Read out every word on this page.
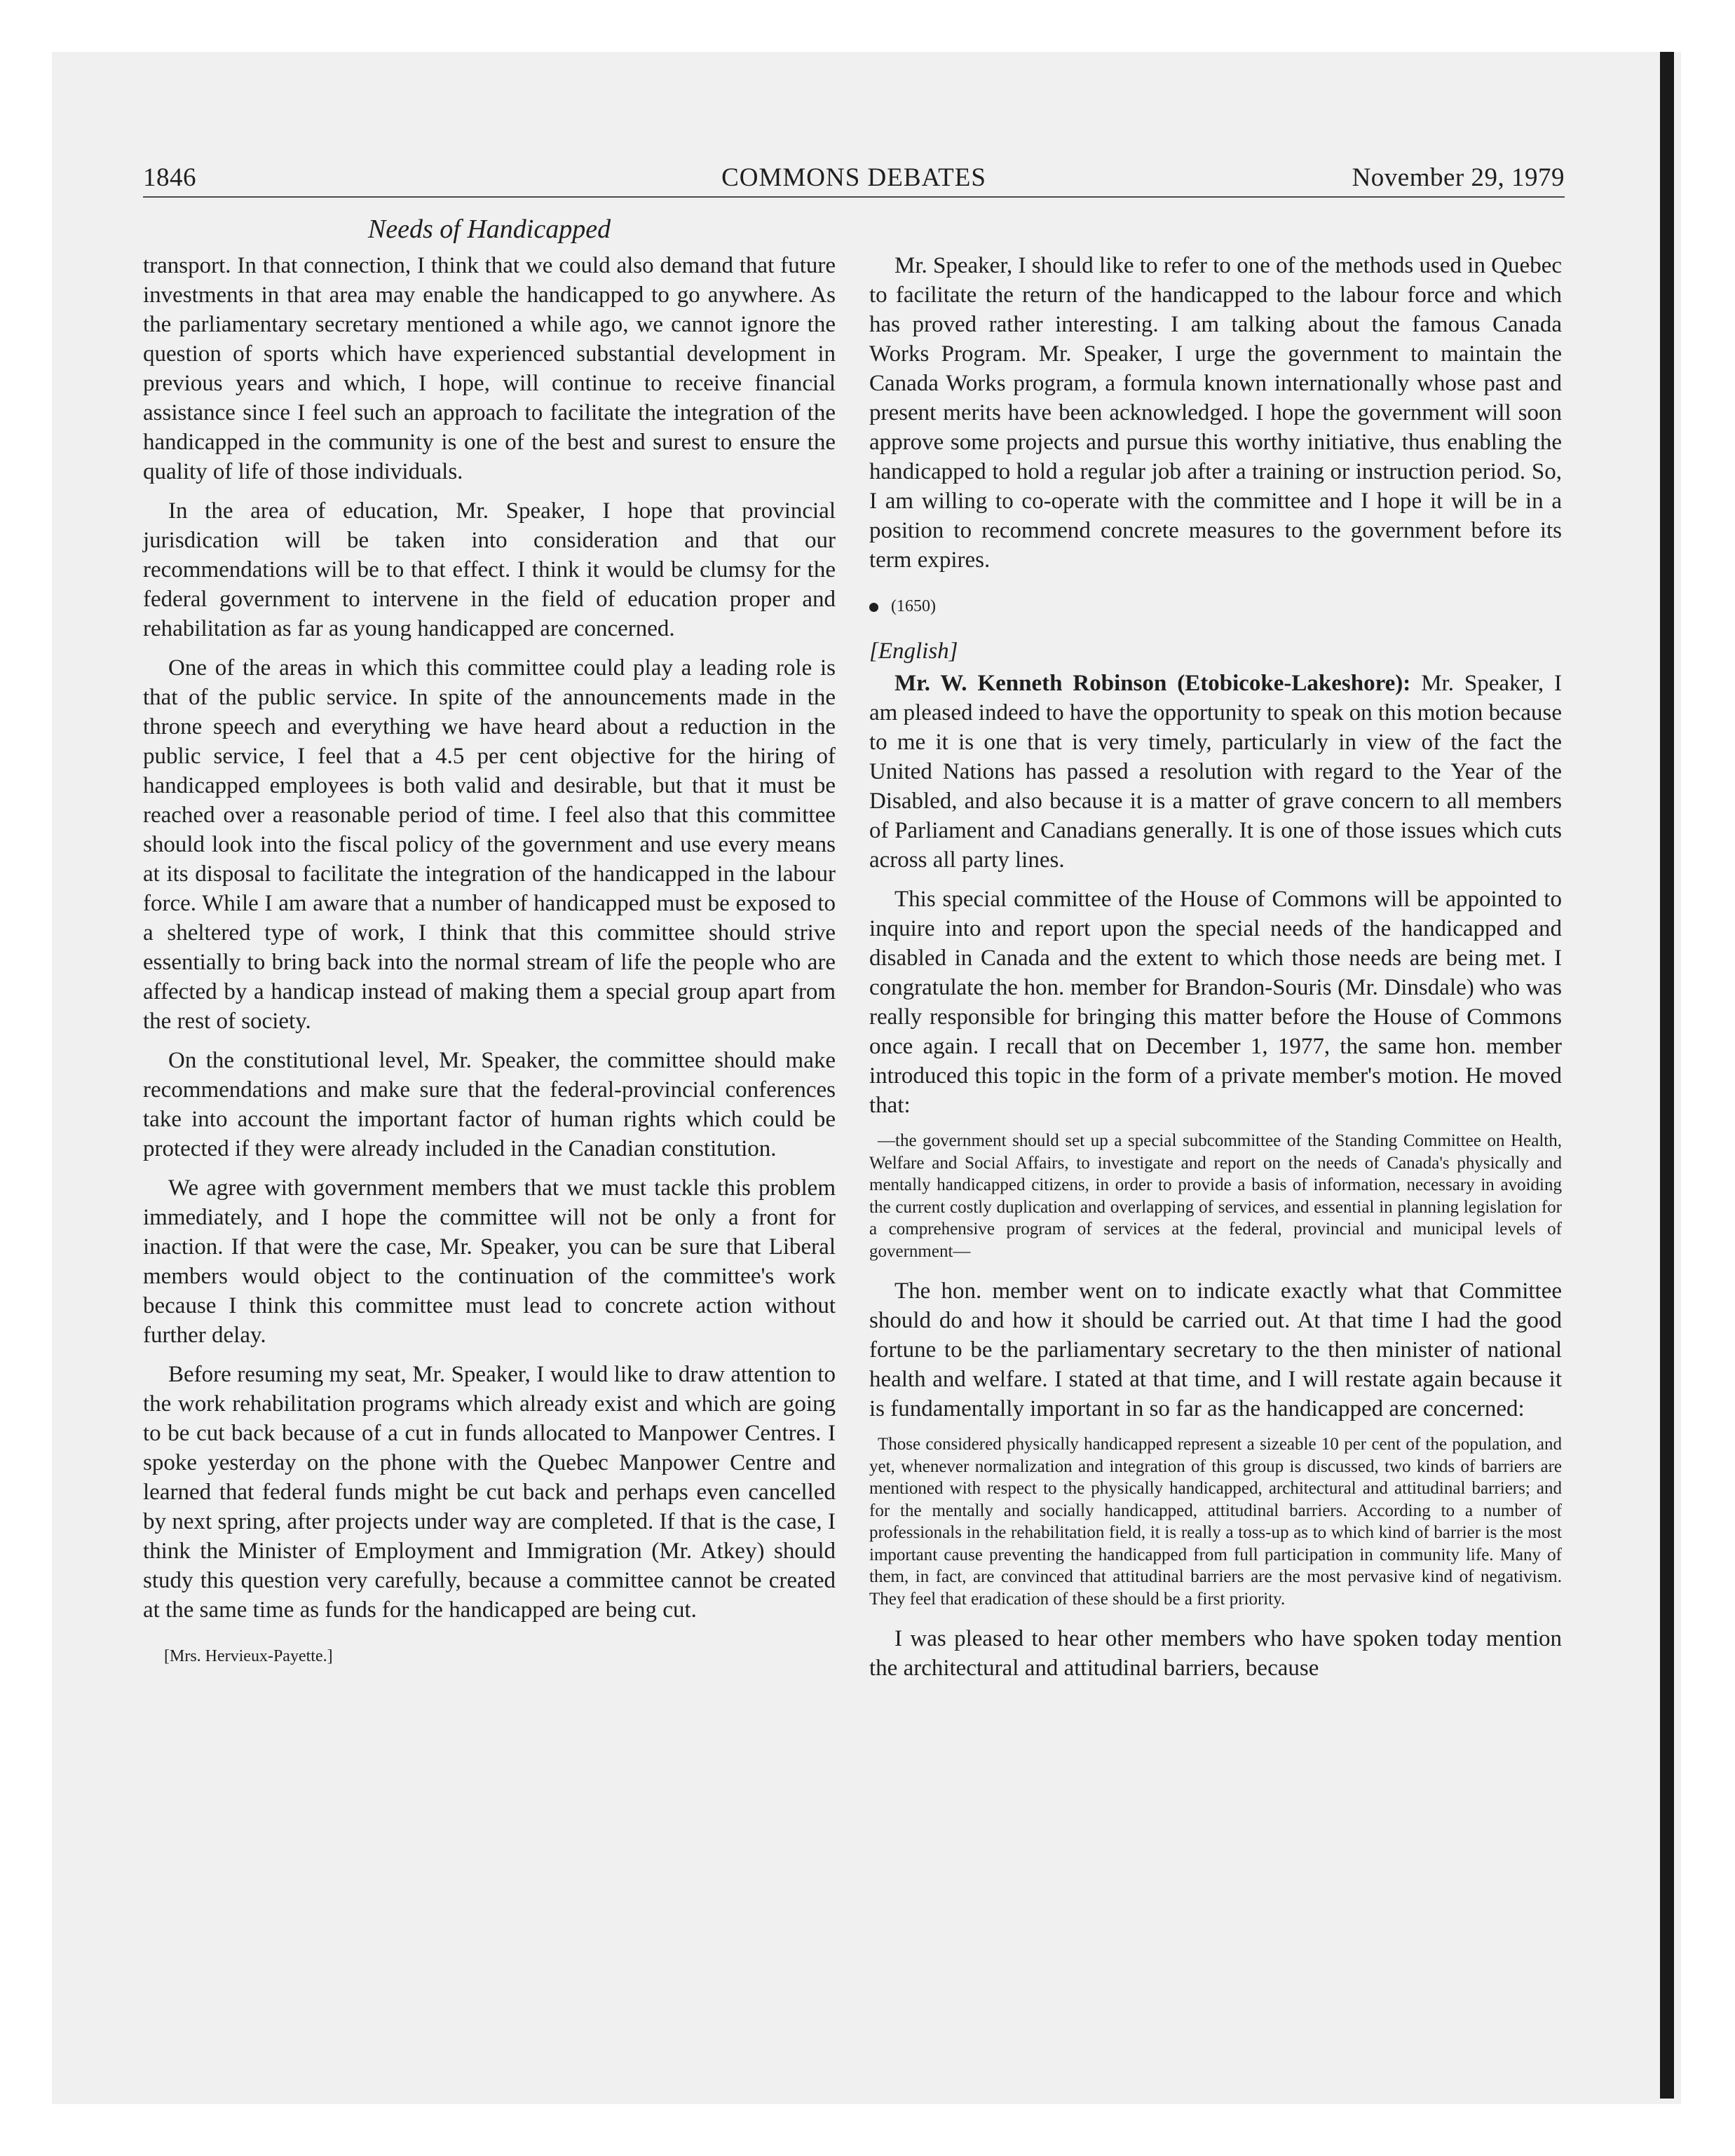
1846	COMMONS DEBATES	November 29, 1979
Needs of Handicapped

transport. In that connection, I think that we could also demand that future investments in that area may enable the handicapped to go anywhere. As the parliamentary secretary mentioned a while ago, we cannot ignore the question of sports which have experienced substantial development in previous years and which, I hope, will continue to receive financial assistance since I feel such an approach to facilitate the integration of the handicapped in the community is one of the best and surest to ensure the quality of life of those individuals.

In the area of education, Mr. Speaker, I hope that provincial jurisdication will be taken into consideration and that our recommendations will be to that effect. I think it would be clumsy for the federal government to intervene in the field of education proper and rehabilitation as far as young handicapped are concerned.

One of the areas in which this committee could play a leading role is that of the public service. In spite of the announcements made in the throne speech and everything we have heard about a reduction in the public service, I feel that a 4.5 per cent objective for the hiring of handicapped employees is both valid and desirable, but that it must be reached over a reasonable period of time. I feel also that this committee should look into the fiscal policy of the government and use every means at its disposal to facilitate the integration of the handicapped in the labour force. While I am aware that a number of handicapped must be exposed to a sheltered type of work, I think that this committee should strive essentially to bring back into the normal stream of life the people who are affected by a handicap instead of making them a special group apart from the rest of society.

On the constitutional level, Mr. Speaker, the committee should make recommendations and make sure that the federal-provincial conferences take into account the important factor of human rights which could be protected if they were already included in the Canadian constitution.

We agree with government members that we must tackle this problem immediately, and I hope the committee will not be only a front for inaction. If that were the case, Mr. Speaker, you can be sure that Liberal members would object to the continuation of the committee's work because I think this committee must lead to concrete action without further delay.

Before resuming my seat, Mr. Speaker, I would like to draw attention to the work rehabilitation programs which already exist and which are going to be cut back because of a cut in funds allocated to Manpower Centres. I spoke yesterday on the phone with the Quebec Manpower Centre and learned that federal funds might be cut back and perhaps even cancelled by next spring, after projects under way are completed. If that is the case, I think the Minister of Employment and Immigration (Mr. Atkey) should study this question very carefully, because a committee cannot be created at the same time as funds for the handicapped are being cut.

[Mrs. Hervieux-Payette.]

Mr. Speaker, I should like to refer to one of the methods used in Quebec to facilitate the return of the handicapped to the labour force and which has proved rather interesting. I am talking about the famous Canada Works Program. Mr. Speaker, I urge the government to maintain the Canada Works program, a formula known internationally whose past and present merits have been acknowledged. I hope the government will soon approve some projects and pursue this worthy initiative, thus enabling the handicapped to hold a regular job after a training or instruction period. So, I am willing to co-operate with the committee and I hope it will be in a position to recommend concrete measures to the government before its term expires.

(1650)
[English]

Mr. W. Kenneth Robinson (Etobicoke-Lakeshore): Mr. Speaker, I am pleased indeed to have the opportunity to speak on this motion because to me it is one that is very timely, particularly in view of the fact the United Nations has passed a resolution with regard to the Year of the Disabled, and also because it is a matter of grave concern to all members of Parliament and Canadians generally. It is one of those issues which cuts across all party lines.

This special committee of the House of Commons will be appointed to inquire into and report upon the special needs of the handicapped and disabled in Canada and the extent to which those needs are being met. I congratulate the hon. member for Brandon-Souris (Mr. Dinsdale) who was really responsible for bringing this matter before the House of Commons once again. I recall that on December 1, 1977, the same hon. member introduced this topic in the form of a private member's motion. He moved that:

—the government should set up a special subcommittee of the Standing Committee on Health, Welfare and Social Affairs, to investigate and report on the needs of Canada's physically and mentally handicapped citizens, in order to provide a basis of information, necessary in avoiding the current costly duplication and overlapping of services, and essential in planning legislation for a comprehensive program of services at the federal, provincial and municipal levels of government—

The hon. member went on to indicate exactly what that Committee should do and how it should be carried out. At that time I had the good fortune to be the parliamentary secretary to the then minister of national health and welfare. I stated at that time, and I will restate again because it is fundamentally important in so far as the handicapped are concerned:

Those considered physically handicapped represent a sizeable 10 per cent of the population, and yet, whenever normalization and integration of this group is discussed, two kinds of barriers are mentioned with respect to the physically handicapped, architectural and attitudinal barriers; and for the mentally and socially handicapped, attitudinal barriers. According to a number of professionals in the rehabilitation field, it is really a toss-up as to which kind of barrier is the most important cause preventing the handicapped from full participation in community life. Many of them, in fact, are convinced that attitudinal barriers are the most pervasive kind of negativism. They feel that eradication of these should be a first priority.

I was pleased to hear other members who have spoken today mention the architectural and attitudinal barriers, because
